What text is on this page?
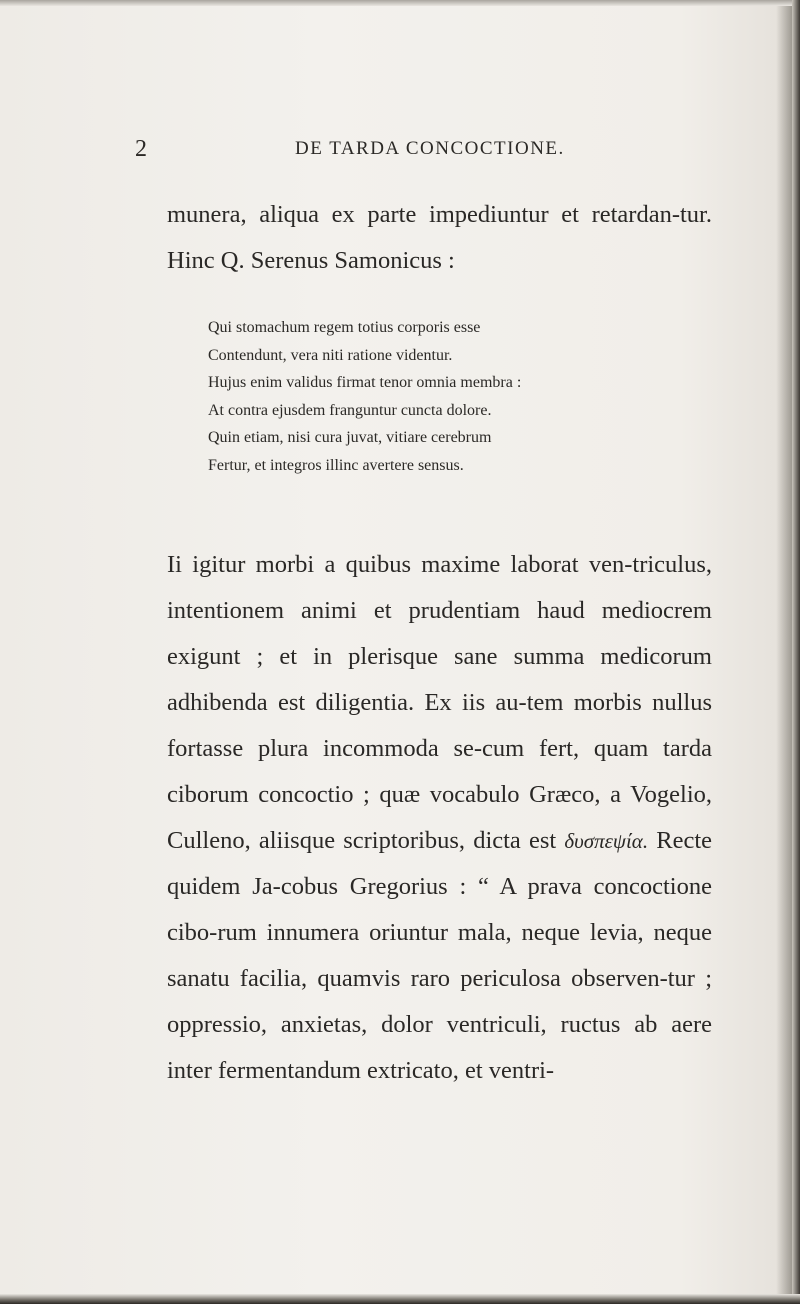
2	DE TARDA CONCOCTIONE.

munera, aliqua ex parte impediuntur et retardan-tur. Hinc Q. Serenus Samonicus :

Qui stomachum regem totius corporis esse
Contendunt, vera niti ratione videntur.
Hujus enim validus firmat tenor omnia membra :
At contra ejusdem franguntur cuncta dolore.
Quin etiam, nisi cura juvat, vitiare cerebrum
Fertur, et integros illinc avertere sensus.

Ii igitur morbi a quibus maxime laborat ven-triculus, intentionem animi et prudentiam haud mediocrem exigunt ; et in plerisque sane summa medicorum adhibenda est diligentia. Ex iis au-tem morbis nullus fortasse plura incommoda se-cum fert, quam tarda ciborum concoctio ; quæ vocabulo Græco, a Vogelio, Culleno, aliisque scriptoribus, dicta est δυσπεψία. Recte quidem Ja-cobus Gregorius : “ A prava concoctione cibo-rum innumera oriuntur mala, neque levia, neque sanatu facilia, quamvis raro periculosa observen-tur ; oppressio, anxietas, dolor ventriculi, ructus ab aere inter fermentandum extricato, et ventri-
